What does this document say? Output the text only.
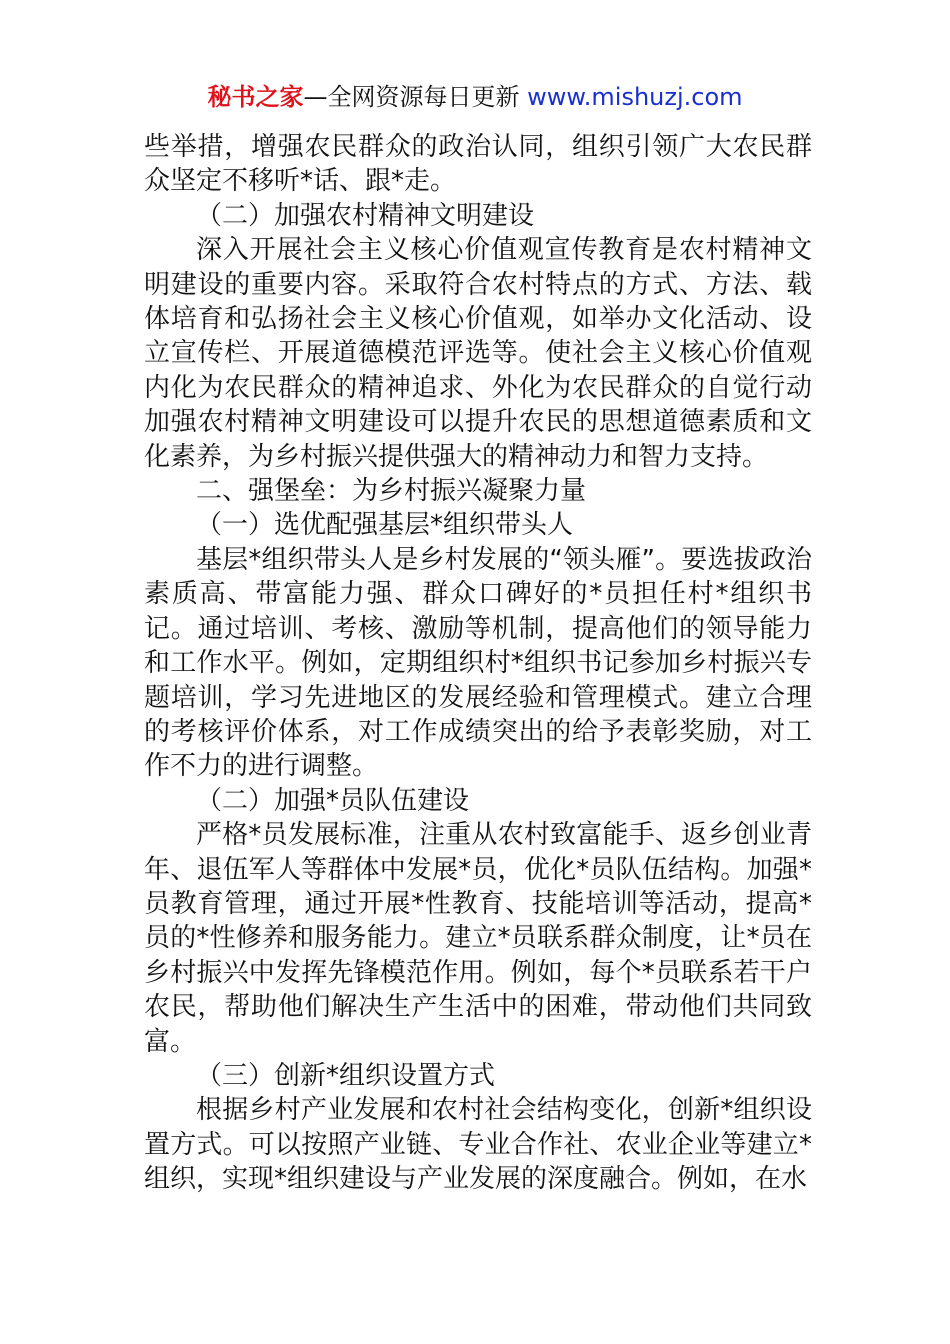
秘书之家—全网资源每日更新 www.mishuzj.com

些举措，增强农民群众的政治认同，组织引领广大农民群众坚定不移听*话、跟*走。

（二）加强农村精神文明建设

深入开展社会主义核心价值观宣传教育是农村精神文明建设的重要内容。采取符合农村特点的方式、方法、载体培育和弘扬社会主义核心价值观，如举办文化活动、设立宣传栏、开展道德模范评选等。使社会主义核心价值观内化为农民群众的精神追求、外化为农民群众的自觉行动加强农村精神文明建设可以提升农民的思想道德素质和文化素养，为乡村振兴提供强大的精神动力和智力支持。

二、强堡垒：为乡村振兴凝聚力量

（一）选优配强基层*组织带头人

基层*组织带头人是乡村发展的“领头雁”。要选拔政治素质高、带富能力强、群众口碑好的*员担任村*组织书记。通过培训、考核、激励等机制，提高他们的领导能力和工作水平。例如，定期组织村*组织书记参加乡村振兴专题培训，学习先进地区的发展经验和管理模式。建立合理的考核评价体系，对工作成绩突出的给予表彰奖励，对工作不力的进行调整。

（二）加强*员队伍建设

严格*员发展标准，注重从农村致富能手、返乡创业青年、退伍军人等群体中发展*员，优化*员队伍结构。加强*员教育管理，通过开展*性教育、技能培训等活动，提高*员的*性修养和服务能力。建立*员联系群众制度，让*员在乡村振兴中发挥先锋模范作用。例如，每个*员联系若干户农民，帮助他们解决生产生活中的困难，带动他们共同致富。

（三）创新*组织设置方式

根据乡村产业发展和农村社会结构变化，创新*组织设置方式。可以按照产业链、专业合作社、农业企业等建立*组织，实现*组织建设与产业发展的深度融合。例如，在水
